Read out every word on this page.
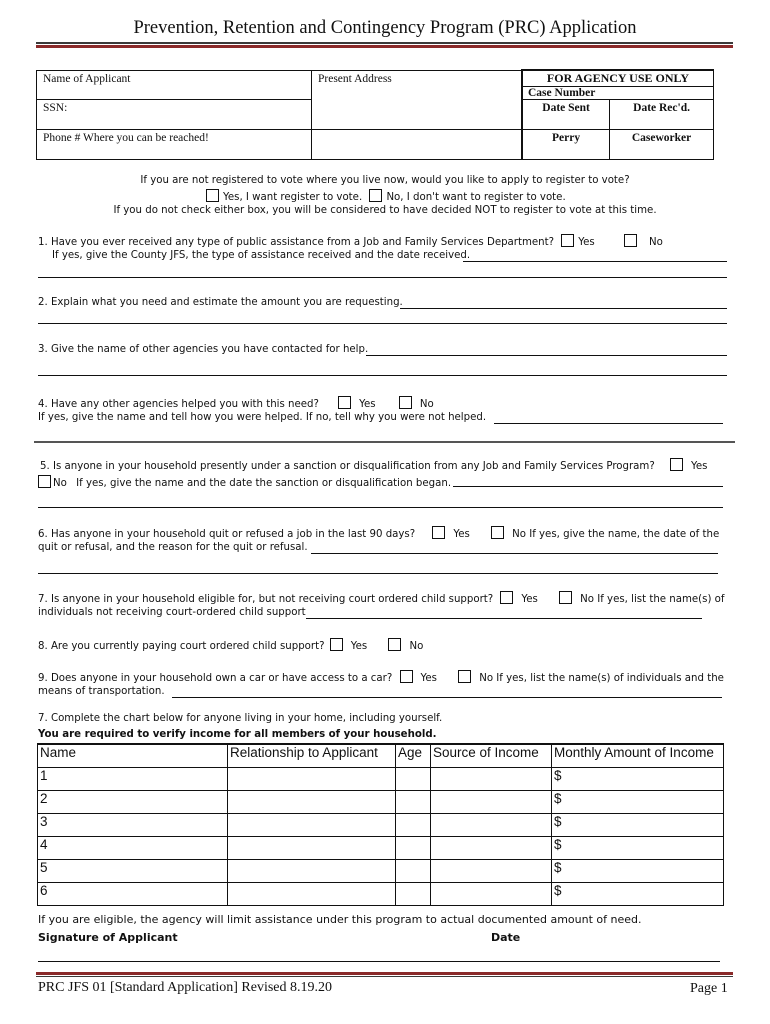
Prevention, Retention and Contingency Program (PRC) Application
Name of Applicant	Present Address	FOR AGENCY USE ONLY
Case Number	

SSN:		Date Sent	Date Rec'd.
Phone # Where you can be reached!		Perry	Caseworker
If you are not registered to vote where you live now, would you like to apply to register to vote?
Yes, I want register to vote. No, I don't want to register to vote.
If you do not check either box, you will be considered to have decided NOT to register to vote at this time.
1. Have you ever received any type of public assistance from a Job and Family Services Department? Yes	No
If yes, give the County JFS, the type of assistance received and the date received.
2. Explain what you need and estimate the amount you are requesting.
3. Give the name of other agencies you have contacted for help.
4. Have any other agencies helped you with this need?	Yes	No
If yes, give the name and tell how you were helped. If no, tell why you were not helped.
5. Is anyone in your household presently under a sanction or disqualification from any Job and Family Services Program?	Yes
No If yes, give the name and the date the sanction or disqualification began.
6. Has anyone in your household quit or refused a job in the last 90 days?	Yes	No If yes, give the name, the date of the
quit or refusal, and the reason for the quit or refusal.
7. Is anyone in your household eligible for, but not receiving court ordered child support?	Yes	No If yes, list the name(s) of
individuals not receiving court-ordered child support
8. Are you currently paying court ordered child support?	Yes	No
9. Does anyone in your household own a car or have access to a car?	Yes	No If yes, list the name(s) of individuals and the
means of transportation.
7. Complete the chart below for anyone living in your home, including yourself.
You are required to verify income for all members of your household.
Name	Relationship to Applicant	Age	Source of Income	Monthly Amount of Income
1				$
2				$
3				$
4				$
5				$
6				$
If you are eligible, the agency will limit assistance under this program to actual documented amount of need.
Signature of Applicant	Date
PRC JFS 01 [Standard Application] Revised 8.19.20	Page 1
